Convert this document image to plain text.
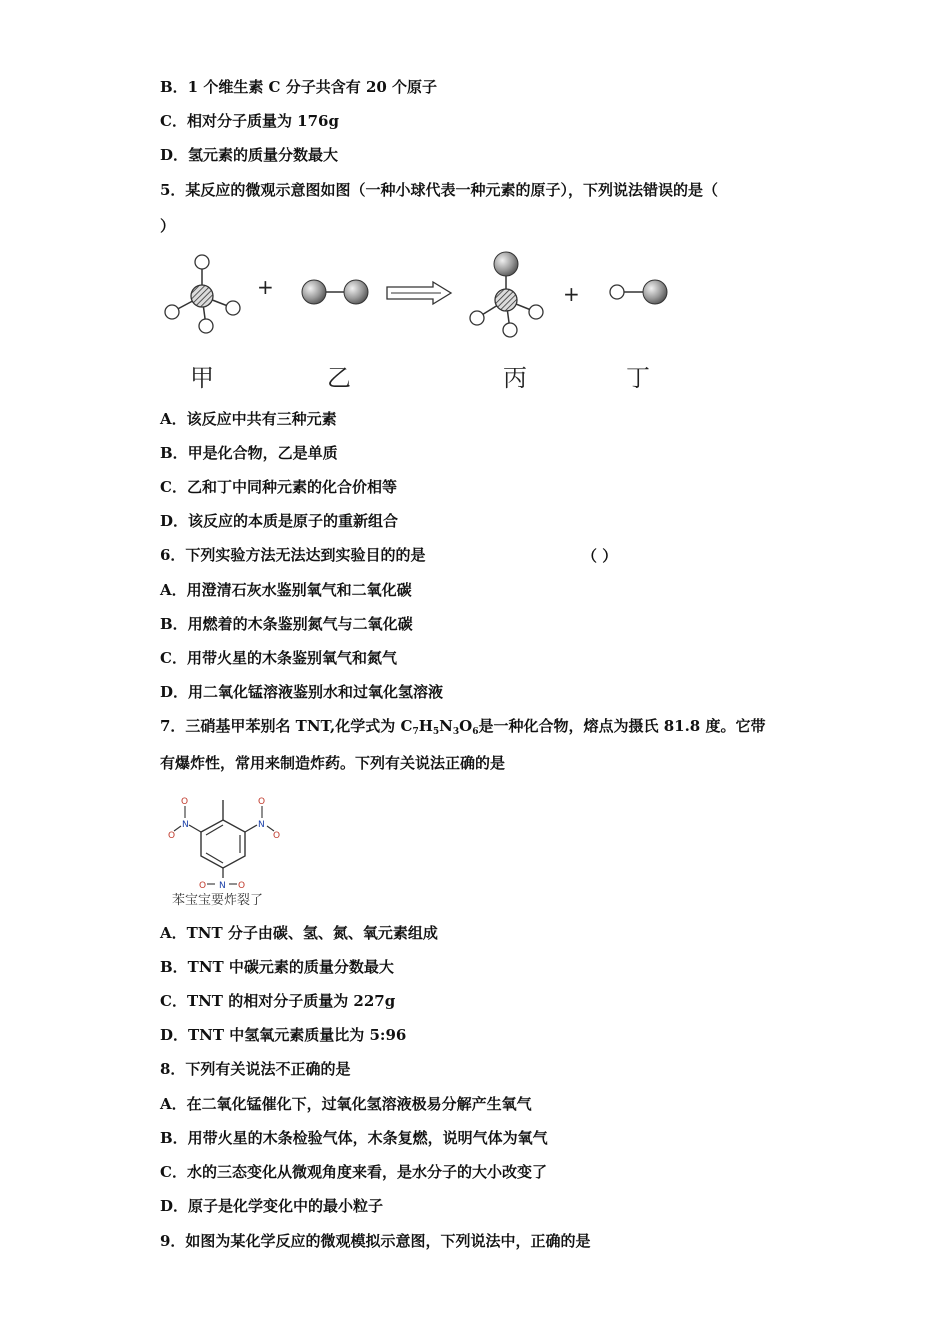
B．1 个维生素 C 分子共含有 20 个原子
C．相对分子质量为 176g
D．氢元素的质量分数最大
5．某反应的微观示意图如图（一种小球代表一种元素的原子），下列说法错误的是（
）
+	+
甲	乙	丙	丁
A．该反应中共有三种元素
B．甲是化合物，乙是单质
C．乙和丁中同种元素的化合价相等
D．该反应的本质是原子的重新组合
6．下列实验方法无法达到实验目的的是	（ ）
A．用澄清石灰水鉴别氧气和二氧化碳
B．用燃着的木条鉴别氮气与二氧化碳
C．用带火星的木条鉴别氧气和氮气
D．用二氧化锰溶液鉴别水和过氧化氢溶液
7．三硝基甲苯别名 TNT,化学式为 $C_7H_5N_3O_6$是一种化合物，熔点为摄氏 81.8 度。它带
有爆炸性，常用来制造炸药。下列有关说法正确的是
N
O
O
N
O
O
N
O	O
苯宝宝要炸裂了
A．TNT 分子由碳、氢、氮、氧元素组成
B．TNT 中碳元素的质量分数最大
C．TNT 的相对分子质量为 227g
D．TNT 中氢氧元素质量比为 5:96
8．下列有关说法不正确的是
A．在二氧化锰催化下，过氧化氢溶液极易分解产生氧气
B．用带火星的木条检验气体，木条复燃，说明气体为氧气
C．水的三态变化从微观角度来看，是水分子的大小改变了
D．原子是化学变化中的最小粒子
9．如图为某化学反应的微观模拟示意图，下列说法中，正确的是
